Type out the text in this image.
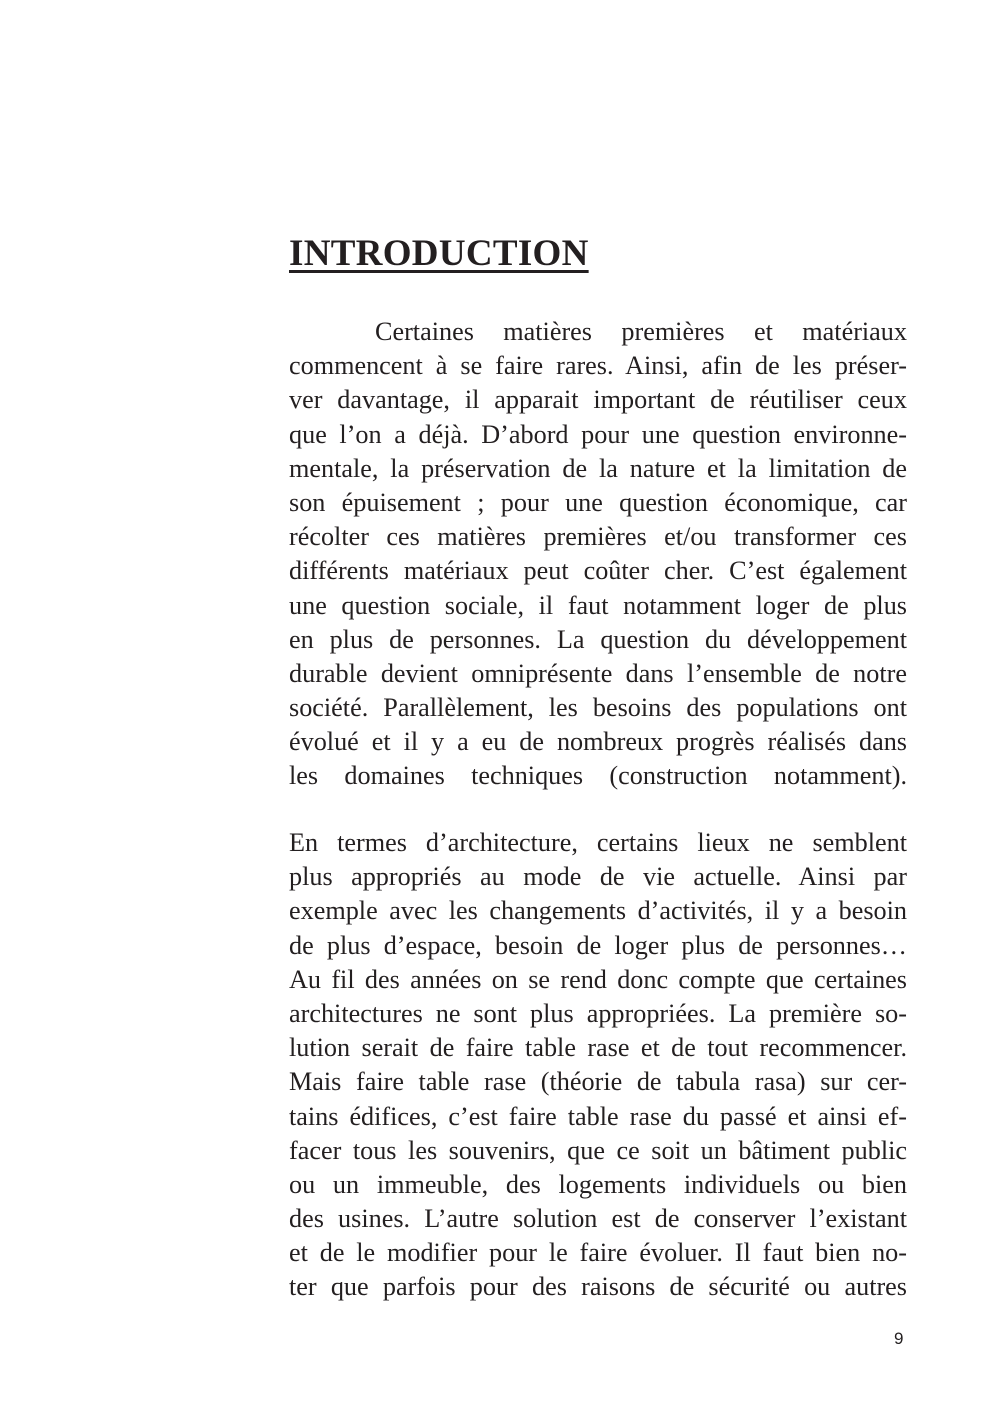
INTRODUCTION
Certaines matières premières et matériaux
commencent à se faire rares. Ainsi, afin de les préser-
ver davantage, il apparait important de réutiliser ceux
que l’on a déjà. D’abord pour une question environne-
mentale, la préservation de la nature et la limitation de
son épuisement ; pour une question économique, car
récolter ces matières premières et/ou transformer ces
différents matériaux peut coûter cher. C’est également
une question sociale, il faut notamment loger de plus
en plus de personnes. La question du développement
durable devient omniprésente dans l’ensemble de notre
société. Parallèlement, les besoins des populations ont
évolué et il y a eu de nombreux progrès réalisés dans
les domaines techniques (construction notamment).
En termes d’architecture, certains lieux ne semblent
plus appropriés au mode de vie actuelle. Ainsi par
exemple avec les changements d’activités, il y a besoin
de plus d’espace, besoin de loger plus de personnes…
Au fil des années on se rend donc compte que certaines
architectures ne sont plus appropriées. La première so-
lution serait de faire table rase et de tout recommencer.
Mais faire table rase (théorie de tabula rasa) sur cer-
tains édifices, c’est faire table rase du passé et ainsi ef-
facer tous les souvenirs, que ce soit un bâtiment public
ou un immeuble, des logements individuels ou bien
des usines. L’autre solution est de conserver l’existant
et de le modifier pour le faire évoluer. Il faut bien no-
ter que parfois pour des raisons de sécurité ou autres
9
